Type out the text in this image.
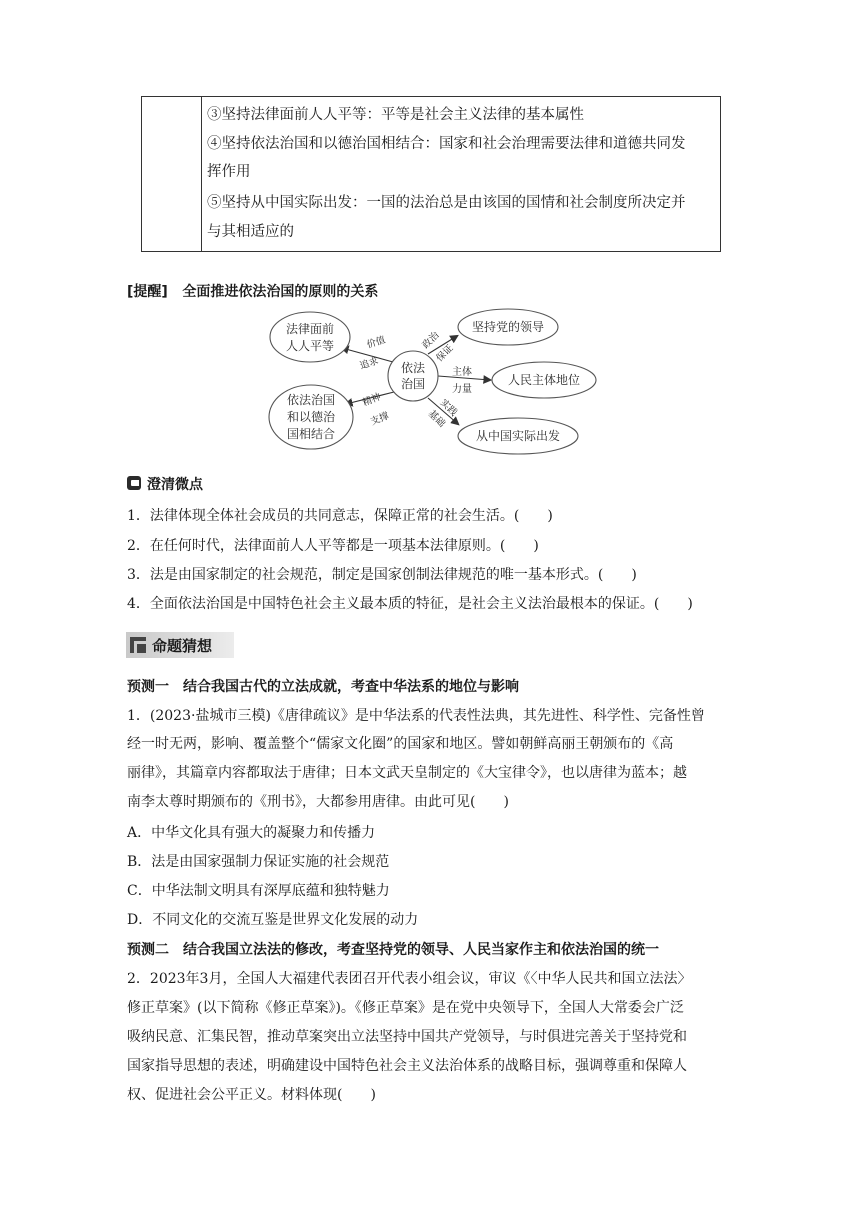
③坚持法律面前人人平等：平等是社会主义法律的基本属性
④坚持依法治国和以德治国相结合：国家和社会治理需要法律和道德共同发
挥作用
⑤坚持从中国实际出发：一国的法治总是由该国的国情和社会制度所决定并
与其相适应的
[提醒] 全面推进依法治国的原则的关系
法律面前
人人平等
依法治国
和以德治
国相结合
依法
治国
坚持党的领导
人民主体地位
从中国实际出发
价值
追求
精神
支撑
政治
保证
主体
力量
实践
基础
澄清微点
1．法律体现全体社会成员的共同意志，保障正常的社会生活。(　　)
2．在任何时代，法律面前人人平等都是一项基本法律原则。(　　)
3．法是由国家制定的社会规范，制定是国家创制法律规范的唯一基本形式。(　　)
4．全面依法治国是中国特色社会主义最本质的特征，是社会主义法治最根本的保证。(　　)
命题猜想
预测一　结合我国古代的立法成就，考查中华法系的地位与影响
1．(2023·盐城市三模)《唐律疏议》是中华法系的代表性法典，其先进性、科学性、完备性曾
经一时无两，影响、覆盖整个“儒家文化圈”的国家和地区。譬如朝鲜高丽王朝颁布的《高
丽律》，其篇章内容都取法于唐律；日本文武天皇制定的《大宝律令》，也以唐律为蓝本；越
南李太尊时期颁布的《刑书》，大都参用唐律。由此可见(　　)
A．中华文化具有强大的凝聚力和传播力
B．法是由国家强制力保证实施的社会规范
C．中华法制文明具有深厚底蕴和独特魅力
D．不同文化的交流互鉴是世界文化发展的动力
预测二　结合我国立法法的修改，考查坚持党的领导、人民当家作主和依法治国的统一
2．2023年3月，全国人大福建代表团召开代表小组会议，审议《〈中华人民共和国立法法〉
修正草案》(以下简称《修正草案》)。《修正草案》是在党中央领导下，全国人大常委会广泛
吸纳民意、汇集民智，推动草案突出立法坚持中国共产党领导，与时俱进完善关于坚持党和
国家指导思想的表述，明确建设中国特色社会主义法治体系的战略目标，强调尊重和保障人
权、促进社会公平正义。材料体现(　　)
